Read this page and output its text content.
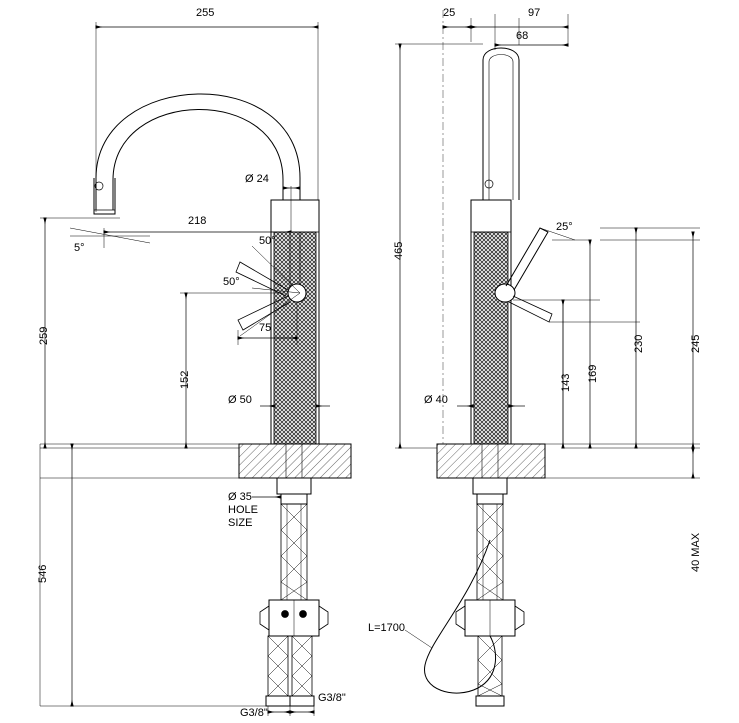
255
218
Ø 24
5°
50°
50°
75
259
152
Ø 50
Ø 35
HOLE
SIZE
546
G3/8"
G3/8"
25	97
68
465
25°
245
230
169
143
Ø 40
40 MAX
L=1700
